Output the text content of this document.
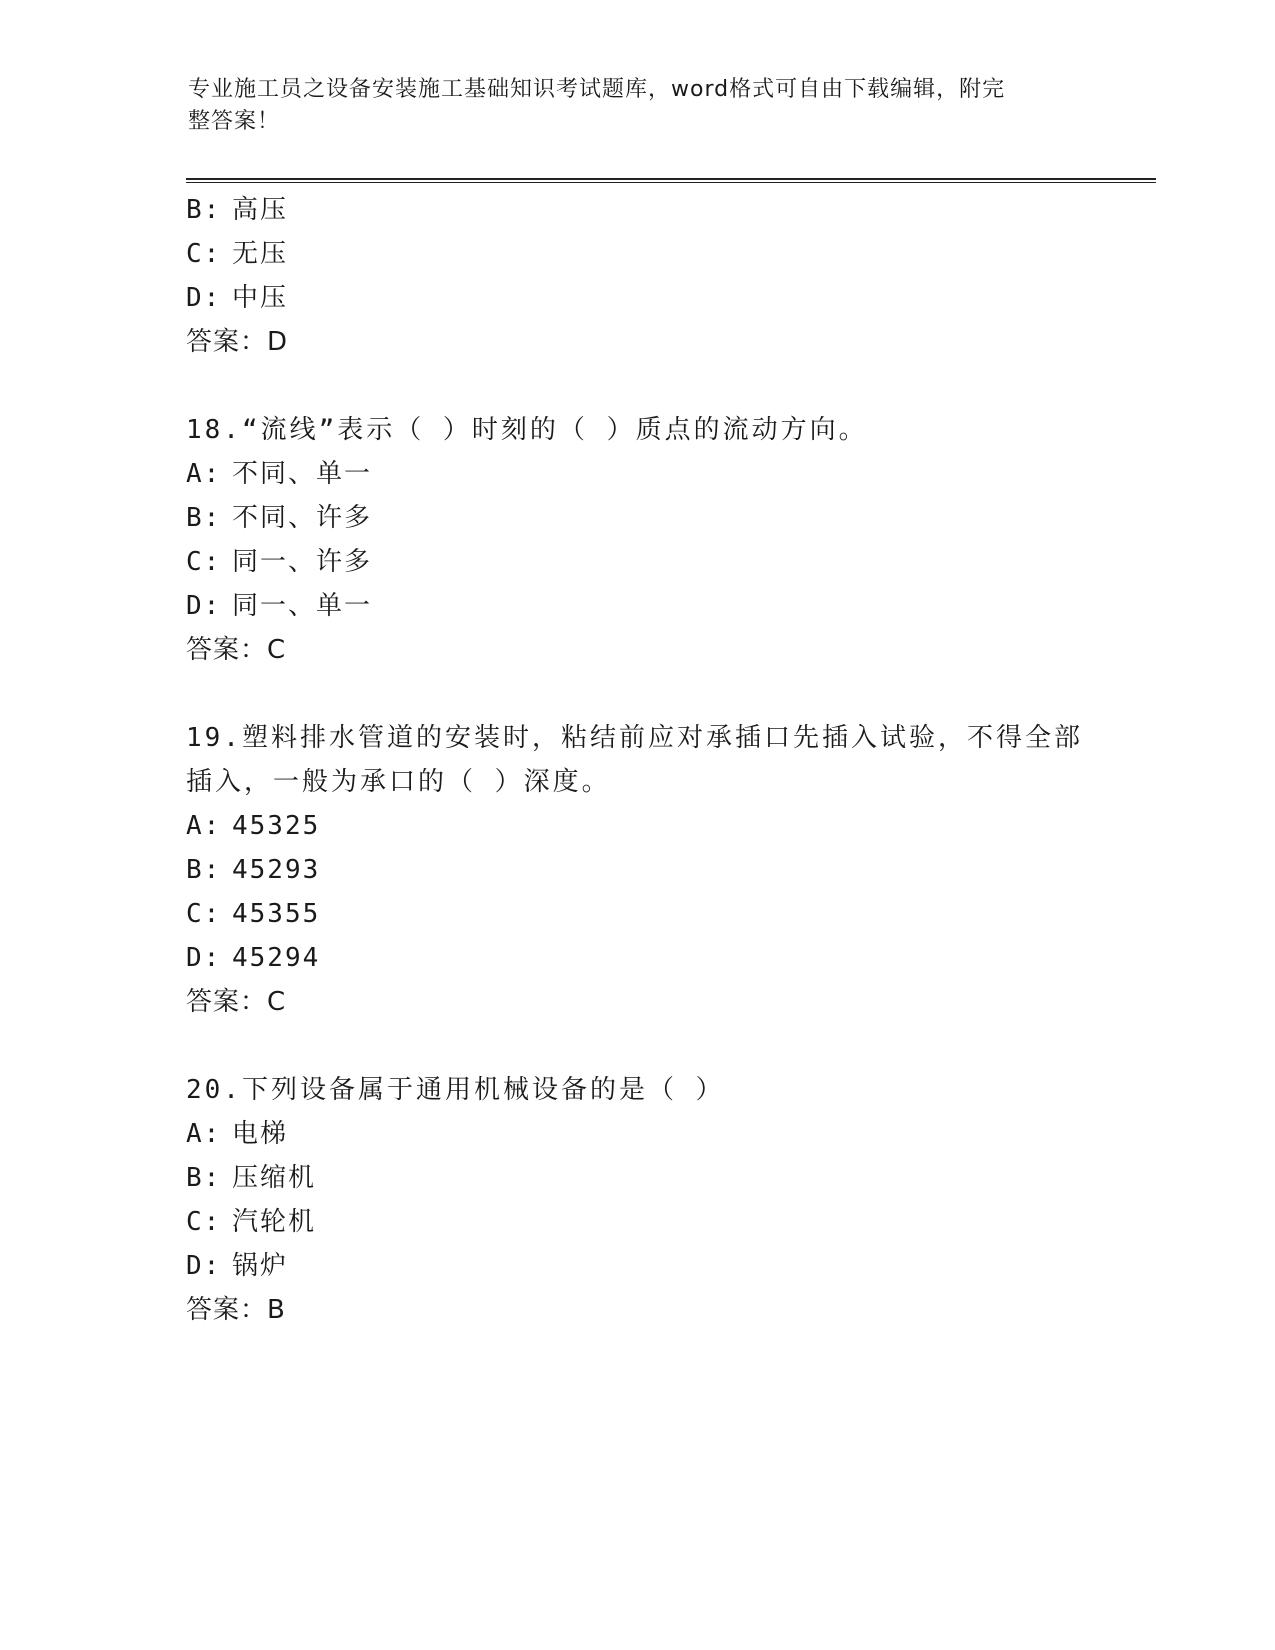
专业施工员之设备安装施工基础知识考试题库，word格式可自由下载编辑，附完
整答案！
B: 高压
C: 无压
D: 中压
答案：D
18.“流线”表示（ ）时刻的（ ）质点的流动方向。
A: 不同、单一
B: 不同、许多
C: 同一、许多
D: 同一、单一
答案：C
19.塑料排水管道的安装时，粘结前应对承插口先插入试验，不得全部
插入，一般为承口的（ ）深度。
A: 45325
B: 45293
C: 45355
D: 45294
答案：C
20.下列设备属于通用机械设备的是（ ）
A: 电梯
B: 压缩机
C: 汽轮机
D: 锅炉
答案：B
